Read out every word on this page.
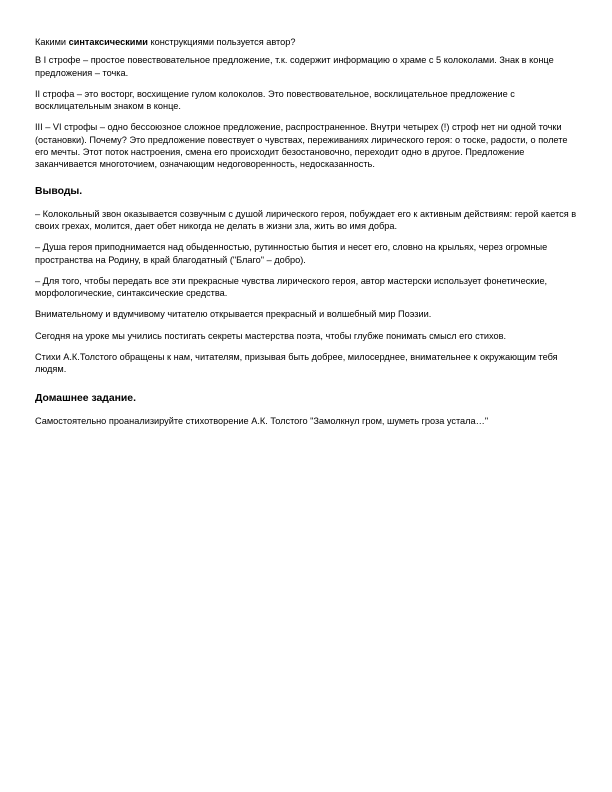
Какими синтаксическими конструкциями пользуется автор?

В I строфе – простое повествовательное предложение, т.к. содержит информацию о храме с 5 колоколами. Знак в конце предложения – точка.

II строфа – это восторг, восхищение гулом колоколов. Это повествовательное, восклицательное предложение с восклицательным знаком в конце.

III – VI строфы – одно бессоюзное сложное предложение, распространенное. Внутри четырех (!) строф нет ни одной точки (остановки). Почему? Это предложение повествует о чувствах, переживаниях лирического героя: о тоске, радости, о полете его мечты. Этот поток настроения, смена его происходит безостановочно, переходит одно в другое. Предложение заканчивается многоточием, означающим недоговоренность, недосказанность.

Выводы.

– Колокольный звон оказывается созвучным с душой лирического героя, побуждает его к активным действиям: герой кается в своих грехах, молится, дает обет никогда не делать в жизни зла, жить во имя добра.

– Душа героя приподнимается над обыденностью, рутинностью бытия и несет его, словно на крыльях, через огромные пространства на Родину, в край благодатный ("Благо" – добро).

– Для того, чтобы передать все эти прекрасные чувства лирического героя, автор мастерски использует фонетические, морфологические, синтаксические средства.

Внимательному и вдумчивому читателю открывается прекрасный и волшебный мир Поэзии.

Сегодня на уроке мы учились постигать секреты мастерства поэта, чтобы глубже понимать смысл его стихов.

Стихи А.К.Толстого обращены к нам, читателям, призывая быть добрее, милосерднее, внимательнее к окружающим тебя людям.

Домашнее задание.

Самостоятельно проанализируйте стихотворение А.К. Толстого "Замолкнул гром, шуметь гроза устала…"
